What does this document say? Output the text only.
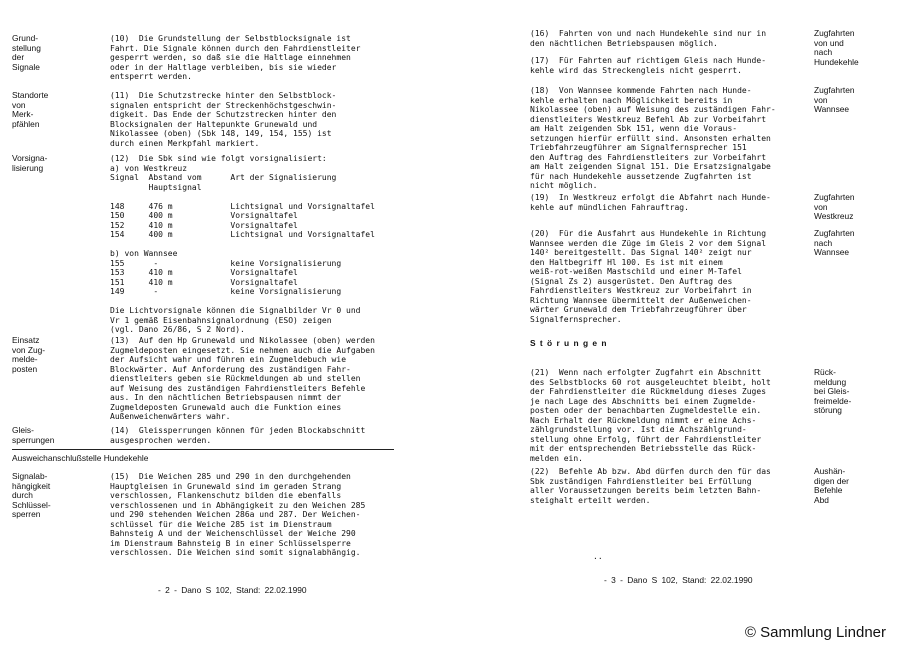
Grund-
stellung
der
Signale
(10)  Die Grundstellung der Selbstblocksignale ist
Fahrt. Die Signale können durch den Fahrdienstleiter
gesperrt werden, so daß sie die Haltlage einnehmen
oder in der Haltlage verbleiben, bis sie wieder
entsperrt werden.
Standorte
von
Merk-
pfählen
(11)  Die Schutzstrecke hinter den Selbstblock-
signalen entspricht der Streckenhöchstgeschwin-
digkeit. Das Ende der Schutzstrecken hinter den
Blocksignalen der Haltepunkte Grunewald und
Nikolassee (oben) (Sbk 148, 149, 154, 155) ist
durch einen Merkpfahl markiert.
Vorsigna-
lisierung
(12)  Die Sbk sind wie folgt vorsignalisiert:
a) von Westkreuz
Signal  Abstand vom      Art der Signalisierung
Hauptsignal

148     476 m            Lichtsignal und Vorsignaltafel
150     400 m            Vorsignaltafel
152     410 m            Vorsignaltafel
154     400 m            Lichtsignal und Vorsignaltafel

b) von Wannsee
155      -               keine Vorsignalisierung
153     410 m            Vorsignaltafel
151     410 m            Vorsignaltafel
149      -               keine Vorsignalisierung

Die Lichtvorsignale können die Signalbilder Vr 0 und
Vr 1 gemäß Eisenbahnsignalordnung (ESO) zeigen
(vgl. Dano 26/86, S 2 Nord).
Einsatz
von Zug-
melde-
posten
(13)  Auf den Hp Grunewald und Nikolassee (oben) werden
Zugmeldeposten eingesetzt. Sie nehmen auch die Aufgaben
der Aufsicht wahr und führen ein Zugmeldebuch wie
Blockwärter. Auf Anforderung des zuständigen Fahr-
dienstleiters geben sie Rückmeldungen ab und stellen
auf Weisung des zuständigen Fahrdienstleiters Befehle
aus. In den nächtlichen Betriebspausen nimmt der
Zugmeldeposten Grunewald auch die Funktion eines
Außenweichenwärters wahr.
Gleis-
sperrungen
(14)  Gleissperrungen können für jeden Blockabschnitt
ausgesprochen werden.
Ausweichanschlußstelle Hundekehle
Signalab-
hängigkeit
durch
Schlüssel-
sperren
(15)  Die Weichen 285 und 290 in den durchgehenden
Hauptgleisen in Grunewald sind im geraden Strang
verschlossen, Flankenschutz bilden die ebenfalls
verschlossenen und in Abhängigkeit zu den Weichen 285
und 290 stehenden Weichen 286a und 287. Der Weichen-
schlüssel für die Weiche 285 ist im Dienstraum
Bahnsteig A und der Weichenschlüssel der Weiche 290
im Dienstraum Bahnsteig B in einer Schlüsselsperre
verschlossen. Die Weichen sind somit signalabhängig.
- 2 - Dano S 102, Stand: 22.02.1990
(16)  Fahrten von und nach Hundekehle sind nur in
den nächtlichen Betriebspausen möglich.
(17)  Für Fahrten auf richtigem Gleis nach Hunde-
kehle wird das Streckengleis nicht gesperrt.
Zugfahrten
von und
nach
Hundekehle
(18)  Von Wannsee kommende Fahrten nach Hunde-
kehle erhalten nach Möglichkeit bereits in
Nikolassee (oben) auf Weisung des zuständigen Fahr-
dienstleiters Westkreuz Befehl Ab zur Vorbeifahrt
am Halt zeigenden Sbk 151, wenn die Voraus-
setzungen hierfür erfüllt sind. Ansonsten erhalten
Triebfahrzeugführer am Signalfernsprecher 151
den Auftrag des Fahrdienstleiters zur Vorbeifahrt
am Halt zeigenden Signal 151. Die Ersatzsignalgabe
für nach Hundekehle aussetzende Zugfahrten ist
nicht möglich.
Zugfahrten
von
Wannsee
(19)  In Westkreuz erfolgt die Abfahrt nach Hunde-
kehle auf mündlichen Fahrauftrag.
Zugfahrten
von
Westkreuz
(20)  Für die Ausfahrt aus Hundekehle in Richtung
Wannsee werden die Züge im Gleis 2 vor dem Signal
140² bereitgestellt. Das Signal 140² zeigt nur
den Haltbegriff Hl 100. Es ist mit einem
weiß-rot-weißen Mastschild und einer M-Tafel
(Signal Zs 2) ausgerüstet. Den Auftrag des
Fahrdienstleiters Westkreuz zur Vorbeifahrt in
Richtung Wannsee übermittelt der Außenweichen-
wärter Grunewald dem Triebfahrzeugführer über
Signalfernsprecher.
Zugfahrten
nach
Wannsee
S t ö r u n g e n
(21)  Wenn nach erfolgter Zugfahrt ein Abschnitt
des Selbstblocks 60 rot ausgeleuchtet bleibt, holt
der Fahrdienstleiter die Rückmeldung dieses Zuges
je nach Lage des Abschnitts bei einem Zugmelde-
posten oder der benachbarten Zugmeldestelle ein.
Nach Erhalt der Rückmeldung nimmt er eine Achs-
zählgrundstellung vor. Ist die Achszählgrund-
stellung ohne Erfolg, führt der Fahrdienstleiter
mit der entsprechenden Betriebsstelle das Rück-
melden ein.
Rück-
meldung
bei Gleis-
freimelde-
störung
(22)  Befehle Ab bzw. Abd dürfen durch den für das
Sbk zuständigen Fahrdienstleiter bei Erfüllung
aller Voraussetzungen bereits beim letzten Bahn-
steighalt erteilt werden.
Aushän-
digen der
Befehle
Abd
..
- 3 - Dano S 102, Stand: 22.02.1990
© Sammlung Lindner
